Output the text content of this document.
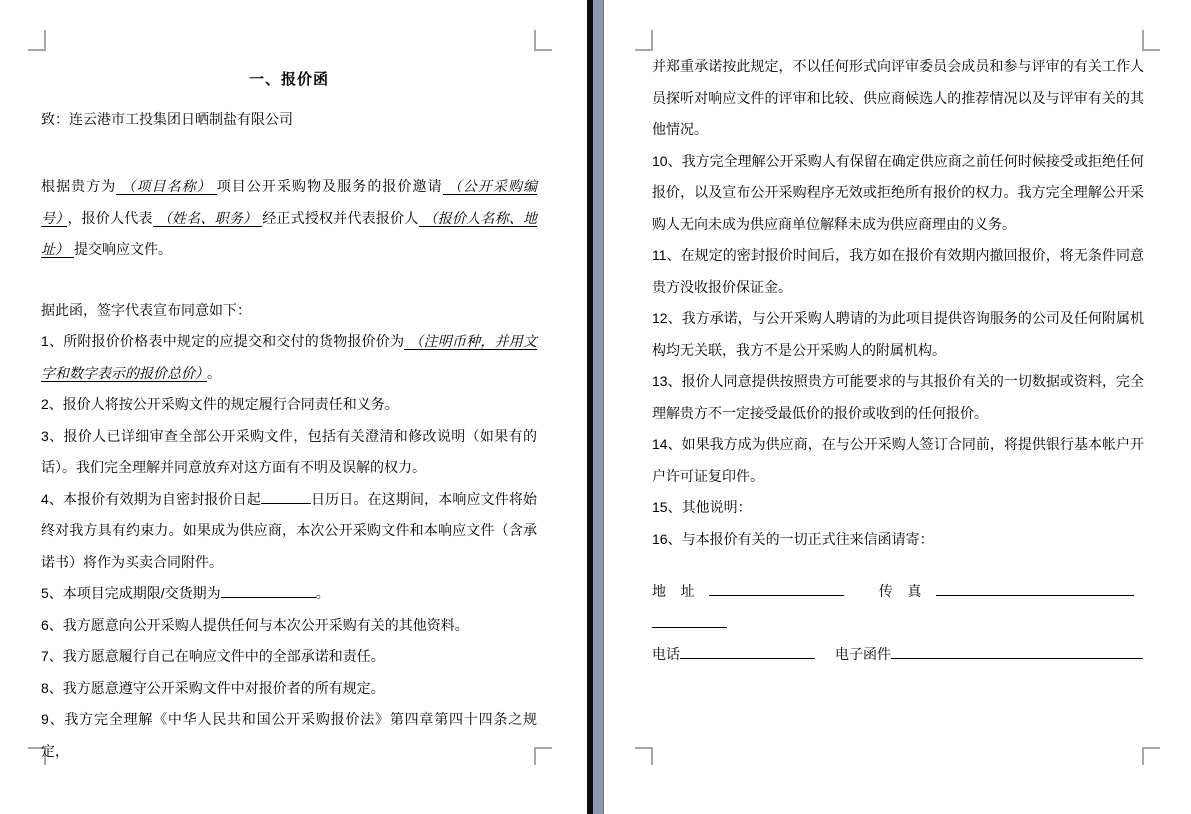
一、报价函
致：连云港市工投集团日晒制盐有限公司
根据贵方为 （项目名称） 项目公开采购物及服务的报价邀请 （公开采购编号） ，报价人代表 （姓名、职务） 经正式授权并代表报价人 （报价人名称、地址） 提交响应文件。
据此函，签字代表宣布同意如下：
1、所附报价价格表中规定的应提交和交付的货物报价价为 （注明币种，并用文字和数字表示的报价总价） 。
2、报价人将按公开采购文件的规定履行合同责任和义务。
3、报价人已详细审查全部公开采购文件，包括有关澄清和修改说明（如果有的话）。我们完全理解并同意放弃对这方面有不明及误解的权力。
4、本报价有效期为自密封报价日起	日历日。在这期间，本响应文件将始终对我方具有约束力。如果成为供应商，本次公开采购文件和本响应文件（含承诺书）将作为买卖合同附件。
5、本项目完成期限/交货期为	。
6、我方愿意向公开采购人提供任何与本次公开采购有关的其他资料。
7、我方愿意履行自己在响应文件中的全部承诺和责任。
8、我方愿意遵守公开采购文件中对报价者的所有规定。
9、我方完全理解《中华人民共和国公开采购报价法》第四章第四十四条之规定，
并郑重承诺按此规定，不以任何形式向评审委员会成员和参与评审的有关工作人员探听对响应文件的评审和比较、供应商候选人的推荐情况以及与评审有关的其他情况。
10、我方完全理解公开采购人有保留在确定供应商之前任何时候接受或拒绝任何报价，以及宣布公开采购程序无效或拒绝所有报价的权力。我方完全理解公开采购人无向未成为供应商单位解释未成为供应商理由的义务。
11、在规定的密封报价时间后，我方如在报价有效期内撤回报价，将无条件同意贵方没收报价保证金。
12、我方承诺，与公开采购人聘请的为此项目提供咨询服务的公司及任何附属机构均无关联，我方不是公开采购人的附属机构。
13、报价人同意提供按照贵方可能要求的与其报价有关的一切数据或资料，完全理解贵方不一定接受最低价的报价或收到的任何报价。
14、如果我方成为供应商，在与公开采购人签订合同前，将提供银行基本帐户开户许可证复印件。
15、其他说明：
16、与本报价有关的一切正式往来信函请寄：
地址	传真
电话	电子函件
